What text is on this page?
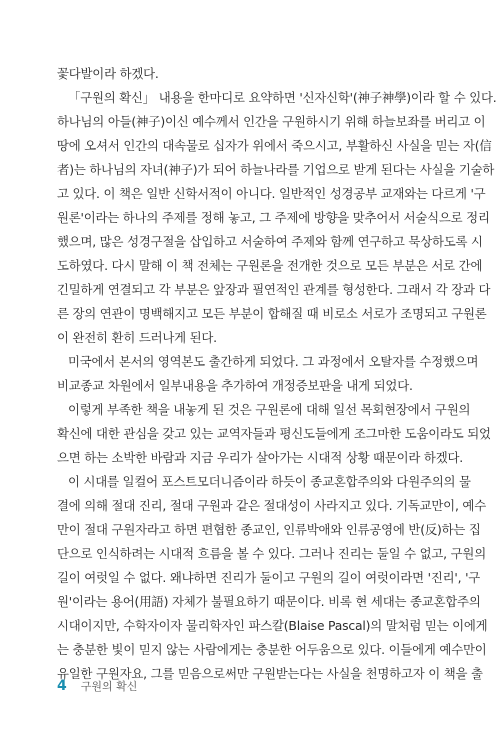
꽃다발이라 하겠다.
「구원의 확신」 내용을 한마디로 요약하면 '신자신학'(神子神學)이라 할 수 있다.
하나님의 아들(神子)이신 예수께서 인간을 구원하시기 위해 하늘보좌를 버리고 이
땅에 오셔서 인간의 대속물로 십자가 위에서 죽으시고, 부활하신 사실을 믿는 자(信
者)는 하나님의 자녀(神子)가 되어 하늘나라를 기업으로 받게 된다는 사실을 기술하
고 있다. 이 책은 일반 신학서적이 아니다. 일반적인 성경공부 교재와는 다르게 '구
원론'이라는 하나의 주제를 정해 놓고, 그 주제에 방향을 맞추어서 서술식으로 정리
했으며, 많은 성경구절을 삽입하고 서술하여 주제와 함께 연구하고 묵상하도록 시
도하였다. 다시 말해 이 책 전체는 구원론을 전개한 것으로 모든 부분은 서로 간에
긴밀하게 연결되고 각 부분은 앞장과 필연적인 관계를 형성한다. 그래서 각 장과 다
른 장의 연관이 명백해지고 모든 부분이 합해질 때 비로소 서로가 조명되고 구원론
이 완전히 환히 드러나게 된다.
미국에서 본서의 영역본도 출간하게 되었다. 그 과정에서 오탈자를 수정했으며
비교종교 차원에서 일부내용을 추가하여 개정증보판을 내게 되었다.
이렇게 부족한 책을 내놓게 된 것은 구원론에 대해 일선 목회현장에서 구원의
확신에 대한 관심을 갖고 있는 교역자들과 평신도들에게 조그마한 도움이라도 되었
으면 하는 소박한 바람과 지금 우리가 살아가는 시대적 상황 때문이라 하겠다.
이 시대를 일컬어 포스트모더니즘이라 하듯이 종교혼합주의와 다원주의의 물
결에 의해 절대 진리, 절대 구원과 같은 절대성이 사라지고 있다. 기독교만이, 예수
만이 절대 구원자라고 하면 편협한 종교인, 인류박애와 인류공영에 반(反)하는 집
단으로 인식하려는 시대적 흐름을 볼 수 있다. 그러나 진리는 둘일 수 없고, 구원의
길이 여럿일 수 없다. 왜냐하면 진리가 둘이고 구원의 길이 여럿이라면 '진리', '구
원'이라는 용어(用語) 자체가 불필요하기 때문이다. 비록 현 세대는 종교혼합주의
시대이지만, 수학자이자 물리학자인 파스칼(Blaise Pascal)의 말처럼 믿는 이에게
는 충분한 빛이 믿지 않는 사람에게는 충분한 어두움으로 있다. 이들에게 예수만이
유일한 구원자요, 그를 믿음으로써만 구원받는다는 사실을 천명하고자 이 책을 출
4 구원의 확신
